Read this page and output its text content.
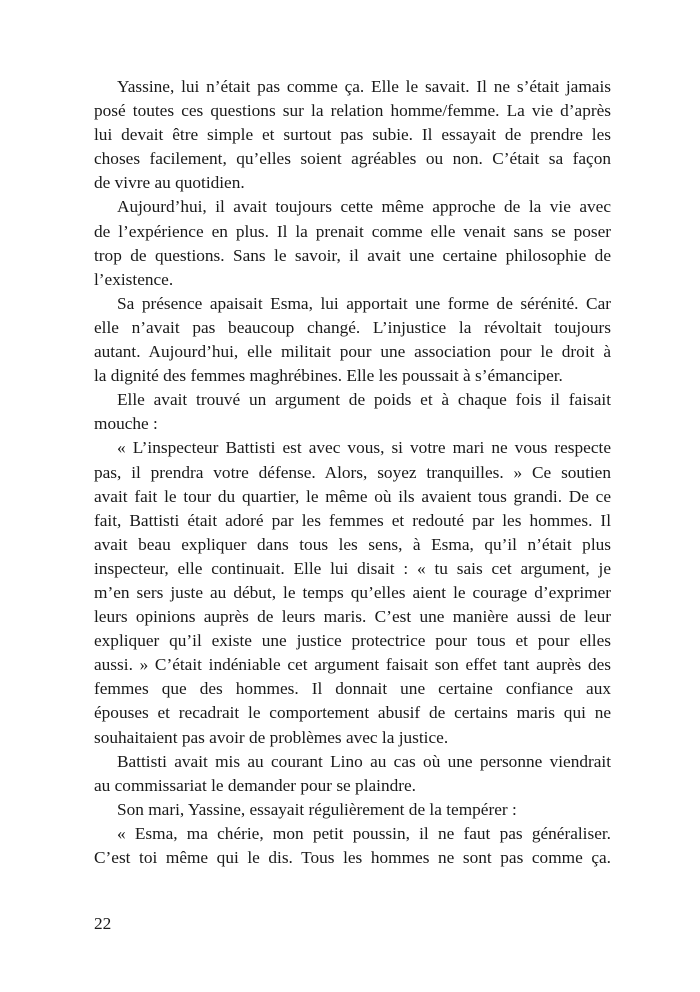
Yassine, lui n’était pas comme ça. Elle le savait. Il ne s’était jamais
posé toutes ces questions sur la relation homme/femme. La vie d’après
lui devait être simple et surtout pas subie. Il essayait de prendre les
choses facilement, qu’elles soient agréables ou non. C’était sa façon
de vivre au quotidien.
Aujourd’hui, il avait toujours cette même approche de la vie avec
de l’expérience en plus. Il la prenait comme elle venait sans se poser
trop de questions. Sans le savoir, il avait une certaine philosophie de
l’existence.
Sa présence apaisait Esma, lui apportait une forme de sérénité. Car
elle n’avait pas beaucoup changé. L’injustice la révoltait toujours
autant. Aujourd’hui, elle militait pour une association pour le droit à
la dignité des femmes maghrébines. Elle les poussait à s’émanciper.
Elle avait trouvé un argument de poids et à chaque fois il faisait
mouche :
« L’inspecteur Battisti est avec vous, si votre mari ne vous respecte
pas, il prendra votre défense. Alors, soyez tranquilles. » Ce soutien
avait fait le tour du quartier, le même où ils avaient tous grandi. De ce
fait, Battisti était adoré par les femmes et redouté par les hommes. Il
avait beau expliquer dans tous les sens, à Esma, qu’il n’était plus
inspecteur, elle continuait. Elle lui disait : « tu sais cet argument, je
m’en sers juste au début, le temps qu’elles aient le courage d’exprimer
leurs opinions auprès de leurs maris. C’est une manière aussi de leur
expliquer qu’il existe une justice protectrice pour tous et pour elles
aussi. » C’était indéniable cet argument faisait son effet tant auprès des
femmes que des hommes. Il donnait une certaine confiance aux
épouses et recadrait le comportement abusif de certains maris qui ne
souhaitaient pas avoir de problèmes avec la justice.
Battisti avait mis au courant Lino au cas où une personne viendrait
au commissariat le demander pour se plaindre.
Son mari, Yassine, essayait régulièrement de la tempérer :
« Esma, ma chérie, mon petit poussin, il ne faut pas généraliser.
C’est toi même qui le dis. Tous les hommes ne sont pas comme ça.
22
